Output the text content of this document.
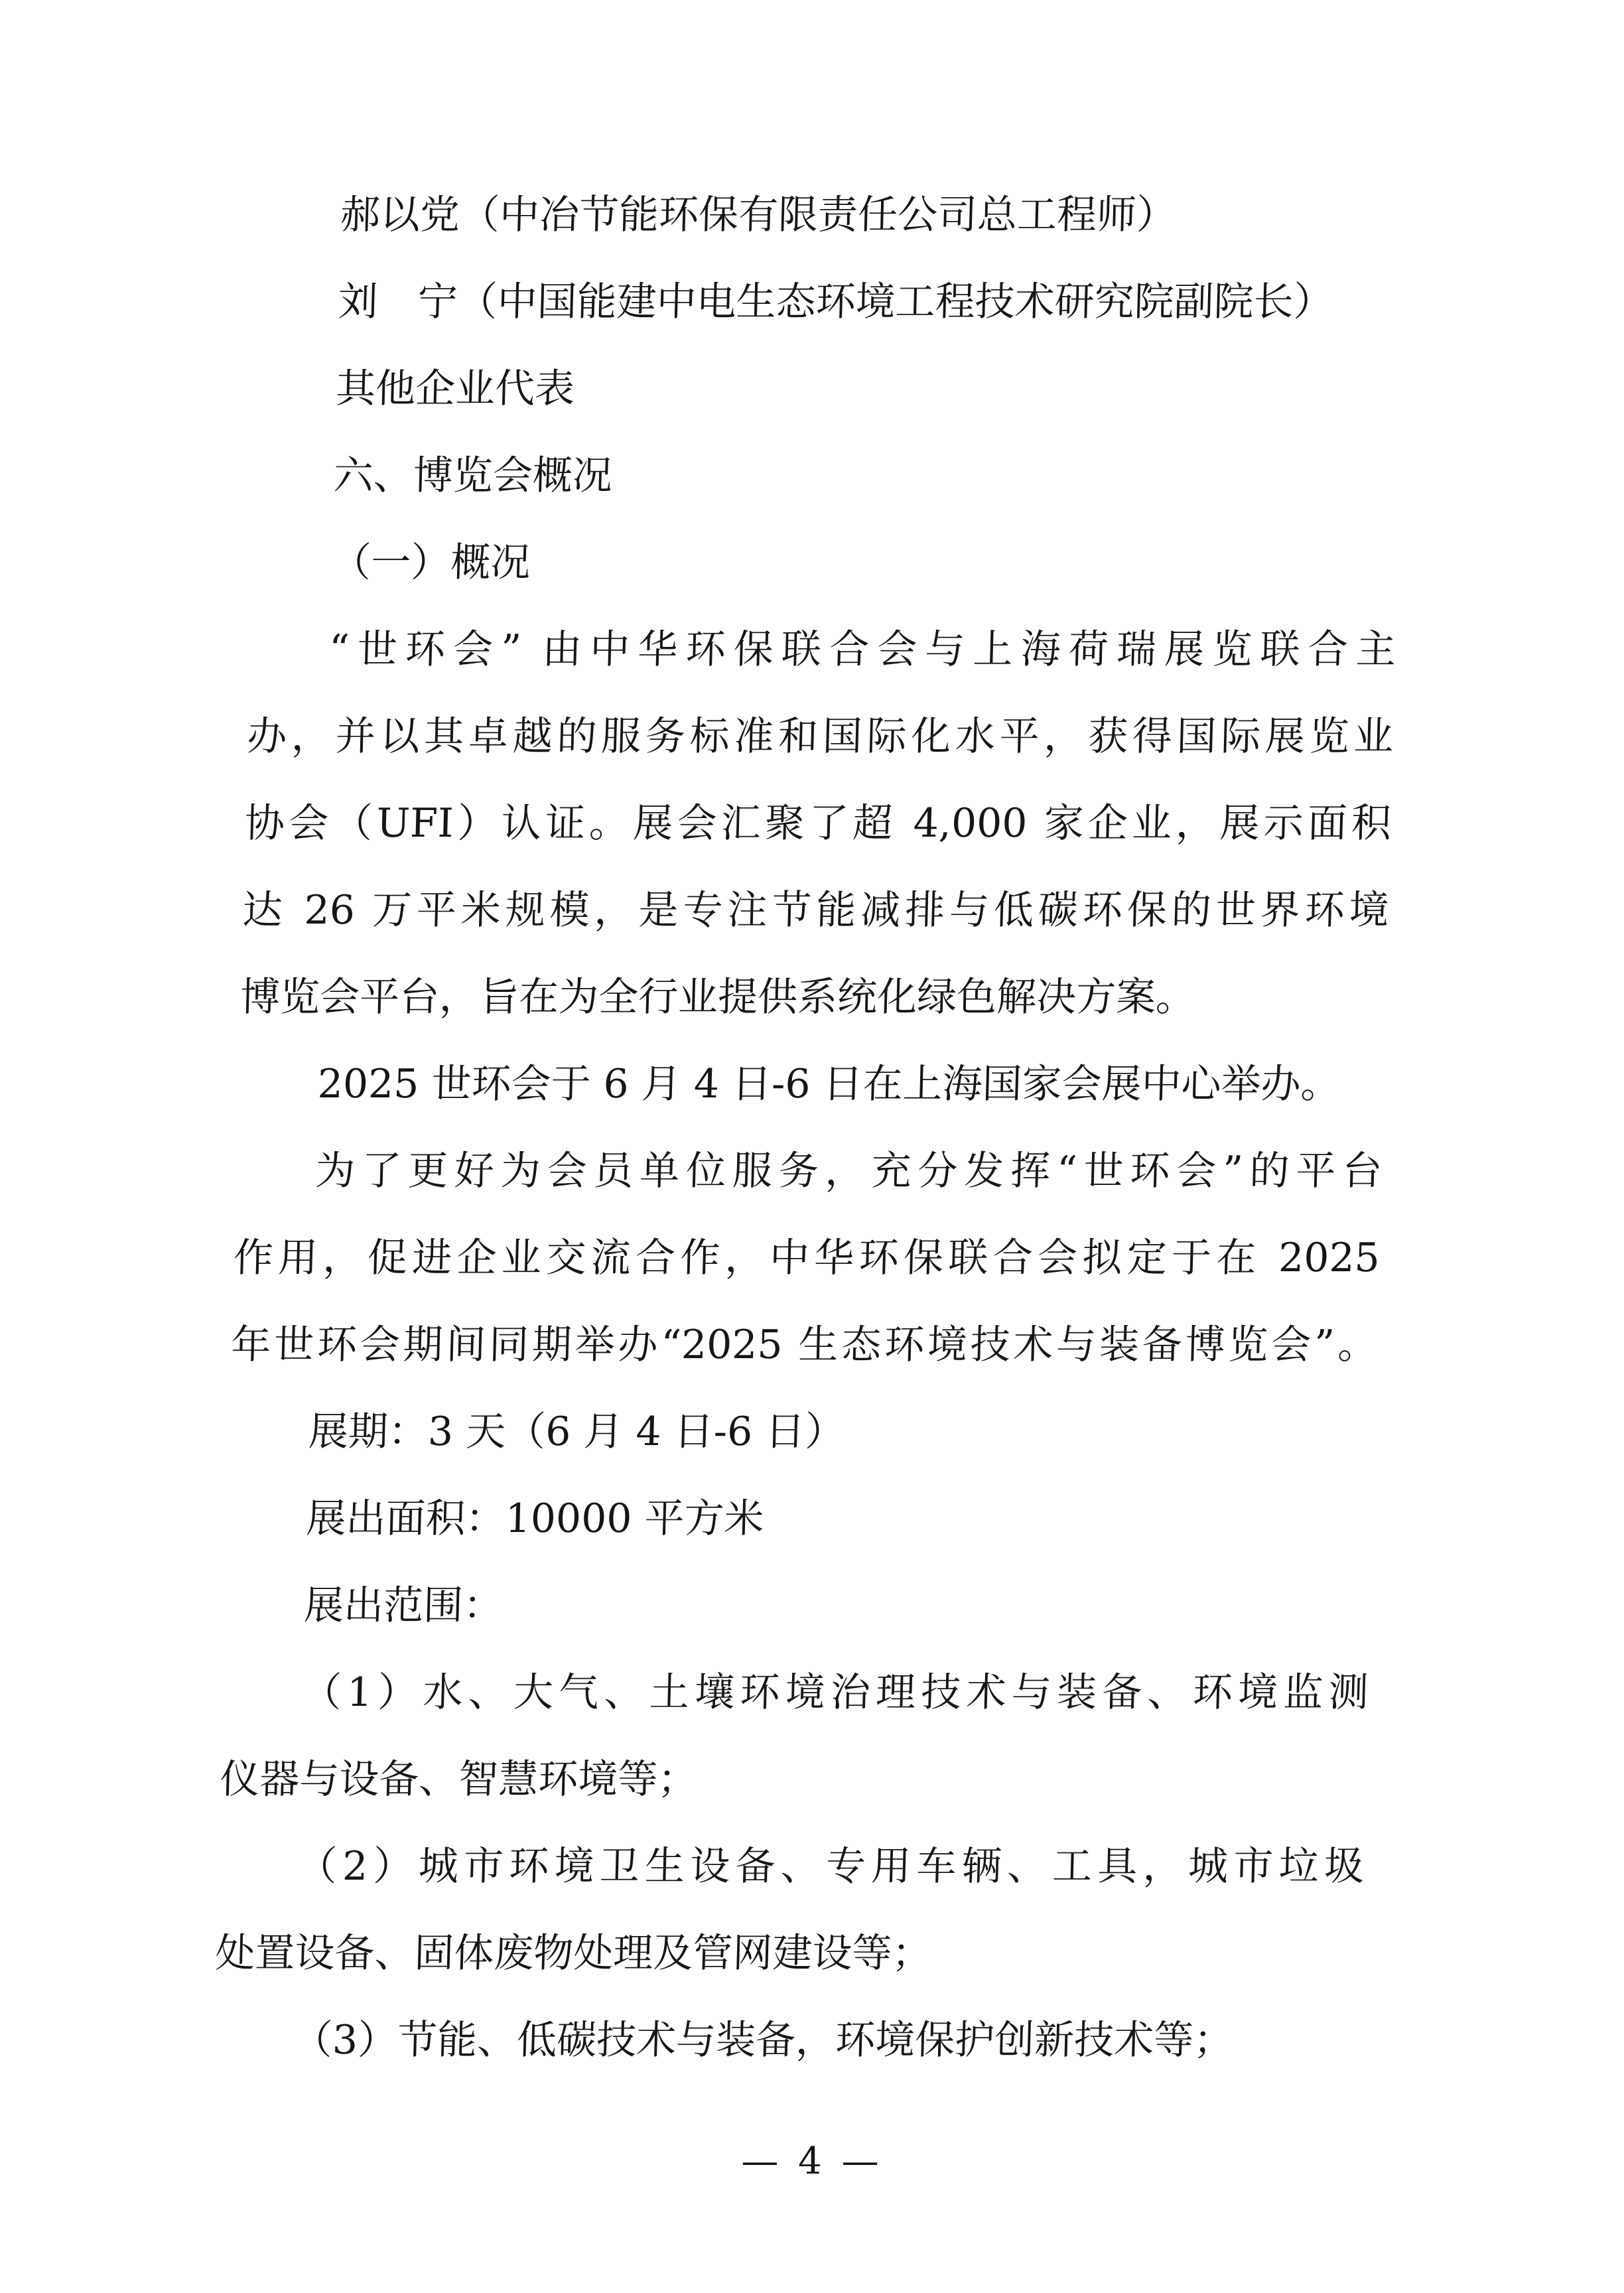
郝以党（中冶节能环保有限责任公司总工程师）
刘　宁（中国能建中电生态环境工程技术研究院副院长）
其他企业代表
六、博览会概况
（一）概况
“世环会” 由中华环保联合会与上海荷瑞展览联合主
办，并以其卓越的服务标准和国际化水平，获得国际展览业
协会（UFI）认证。展会汇聚了超 4,000 家企业，展示面积
达 26 万平米规模，是专注节能减排与低碳环保的世界环境
博览会平台，旨在为全行业提供系统化绿色解决方案。
2025 世环会于 6 月 4 日-6 日在上海国家会展中心举办。
为了更好为会员单位服务，充分发挥“世环会”的平台
作用，促进企业交流合作，中华环保联合会拟定于在 2025
年世环会期间同期举办“2025 生态环境技术与装备博览会”。
展期：3 天（6 月 4 日-6 日）
展出面积：10000 平方米
展出范围：
（1）水、大气、土壤环境治理技术与装备、环境监测
仪器与设备、智慧环境等；
（2）城市环境卫生设备、专用车辆、工具，城市垃圾
处置设备、固体废物处理及管网建设等；
（3）节能、低碳技术与装备，环境保护创新技术等；
— 4 —
